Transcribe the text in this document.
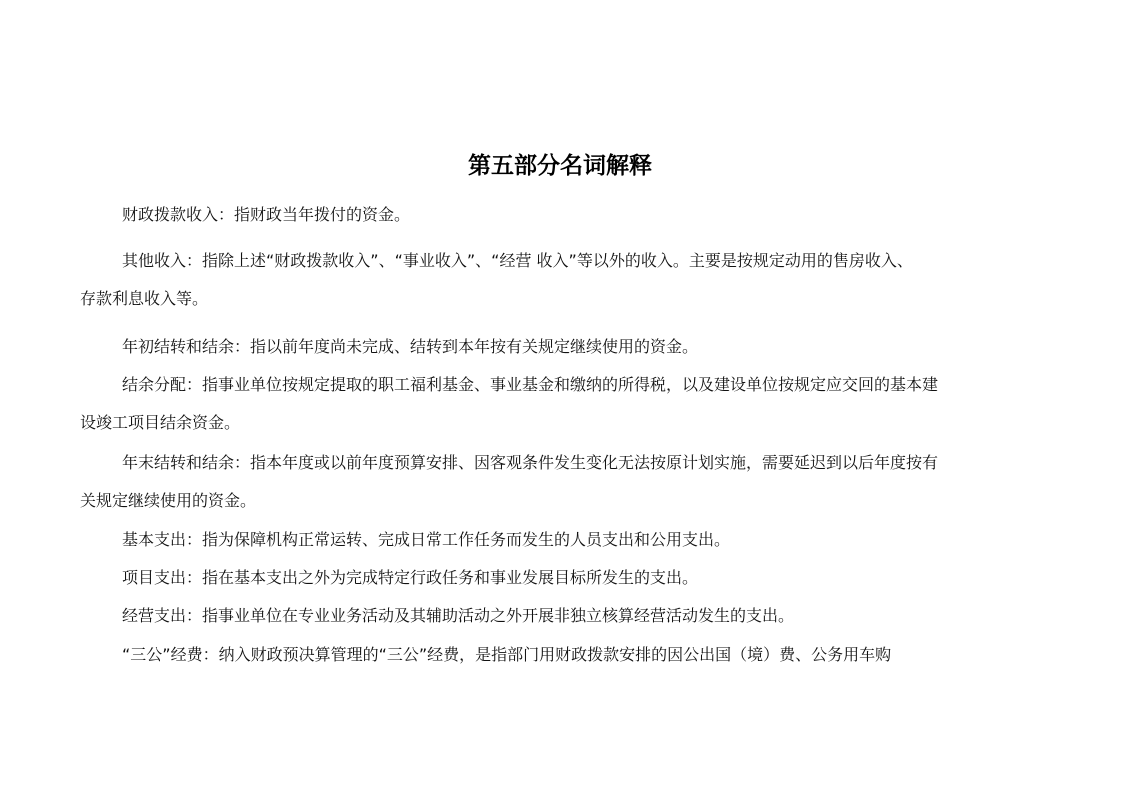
第五部分名词解释
财政拨款收入：指财政当年拨付的资金。
其他收入：指除上述“财政拨款收入”、“事业收入”、“经营 收入”等以外的收入。主要是按规定动用的售房收入、
存款利息收入等。
年初结转和结余：指以前年度尚未完成、结转到本年按有关规定继续使用的资金。
结余分配：指事业单位按规定提取的职工福利基金、事业基金和缴纳的所得税，以及建设单位按规定应交回的基本建
设竣工项目结余资金。
年末结转和结余：指本年度或以前年度预算安排、因客观条件发生变化无法按原计划实施，需要延迟到以后年度按有
关规定继续使用的资金。
基本支出：指为保障机构正常运转、完成日常工作任务而发生的人员支出和公用支出。
项目支出：指在基本支出之外为完成特定行政任务和事业发展目标所发生的支出。
经营支出：指事业单位在专业业务活动及其辅助活动之外开展非独立核算经营活动发生的支出。
“三公”经费：纳入财政预决算管理的“三公”经费，是指部门用财政拨款安排的因公出国（境）费、公务用车购
